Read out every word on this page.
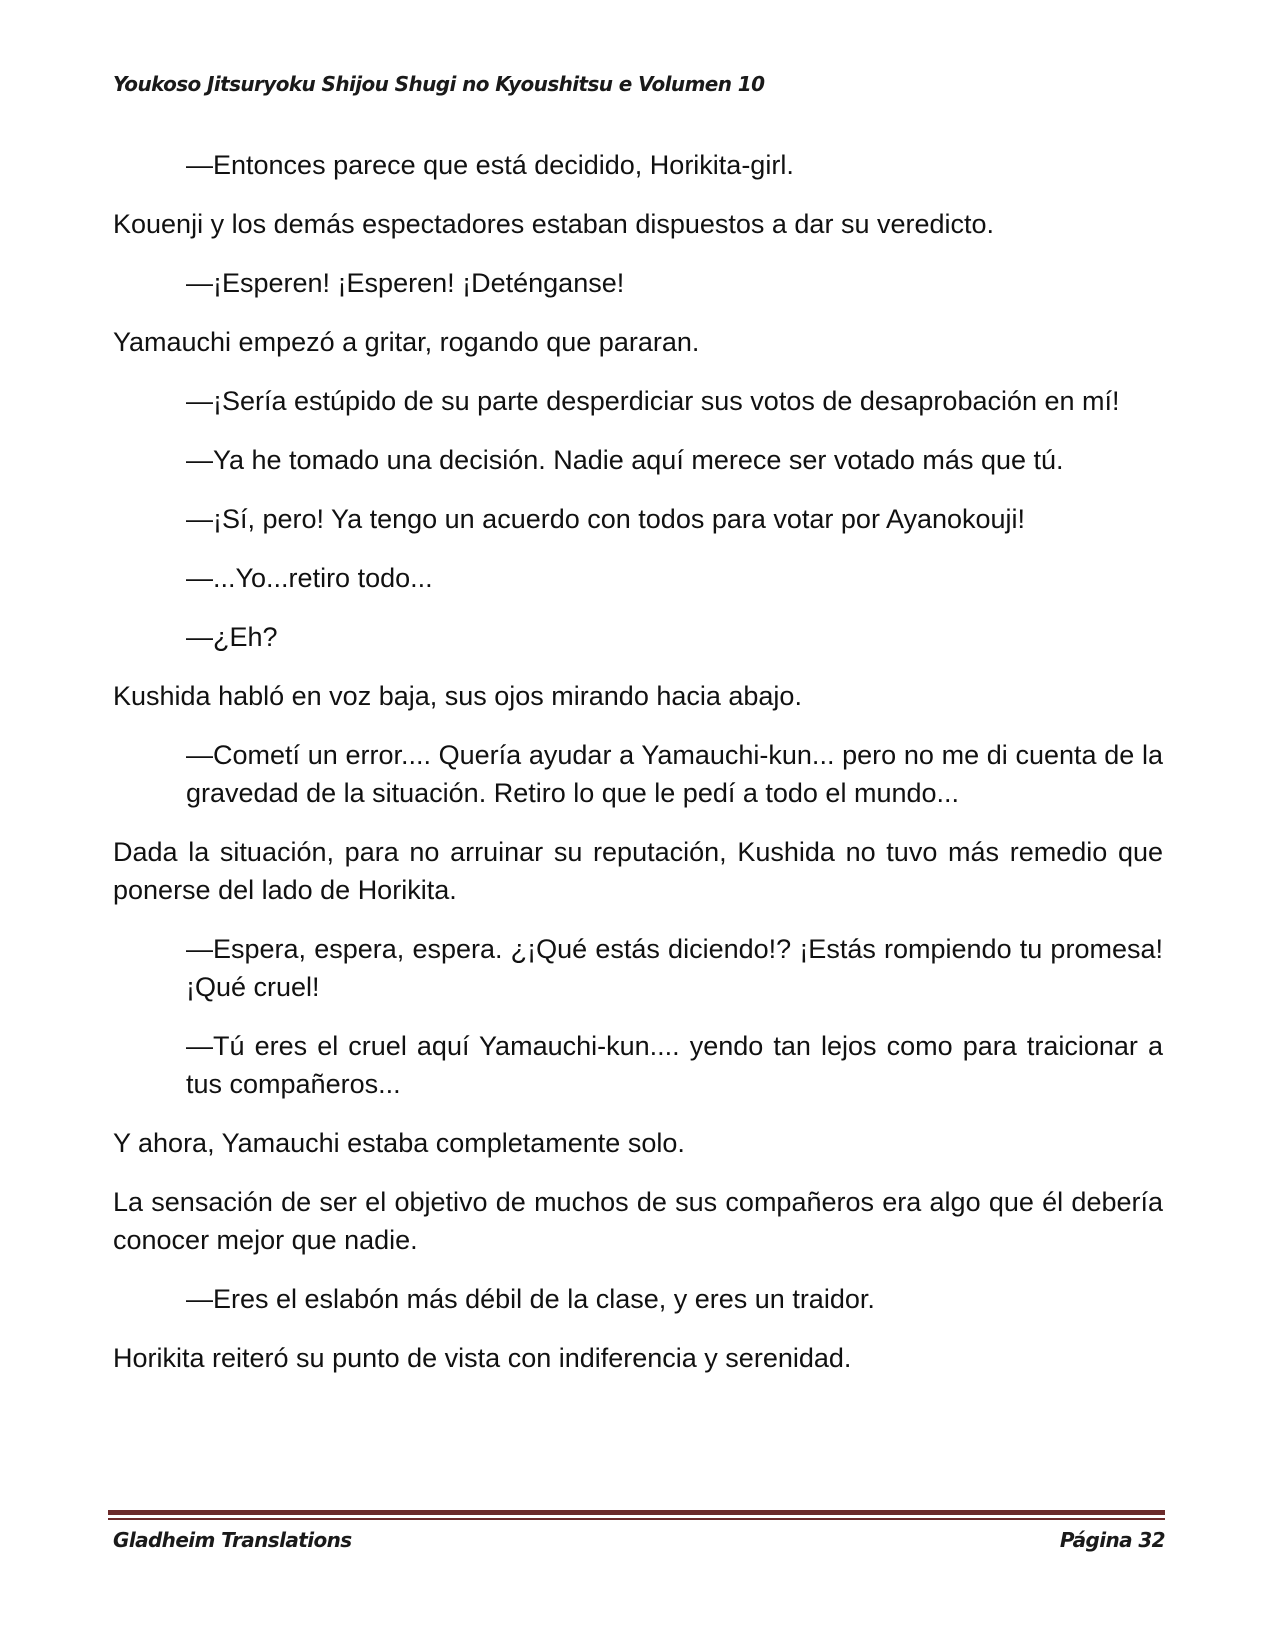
Youkoso Jitsuryoku Shijou Shugi no Kyoushitsu e Volumen 10

—Entonces parece que está decidido, Horikita-girl.

Kouenji y los demás espectadores estaban dispuestos a dar su veredicto.

—¡Esperen! ¡Esperen! ¡Deténganse!

Yamauchi empezó a gritar, rogando que pararan.

—¡Sería estúpido de su parte desperdiciar sus votos de desaprobación en mí!

—Ya he tomado una decisión. Nadie aquí merece ser votado más que tú.

—¡Sí, pero! Ya tengo un acuerdo con todos para votar por Ayanokouji!

—...Yo...retiro todo...

—¿Eh?

Kushida habló en voz baja, sus ojos mirando hacia abajo.

—Cometí un error.... Quería ayudar a Yamauchi-kun... pero no me di cuenta de la gravedad de la situación. Retiro lo que le pedí a todo el mundo...

Dada la situación, para no arruinar su reputación, Kushida no tuvo más remedio que ponerse del lado de Horikita.

—Espera, espera, espera. ¿¡Qué estás diciendo!? ¡Estás rompiendo tu promesa! ¡Qué cruel!

—Tú eres el cruel aquí Yamauchi-kun.... yendo tan lejos como para traicionar a tus compañeros...

Y ahora, Yamauchi estaba completamente solo.

La sensación de ser el objetivo de muchos de sus compañeros era algo que él debería conocer mejor que nadie.

—Eres el eslabón más débil de la clase, y eres un traidor.

Horikita reiteró su punto de vista con indiferencia y serenidad.

Gladheim Translations	Página 32
